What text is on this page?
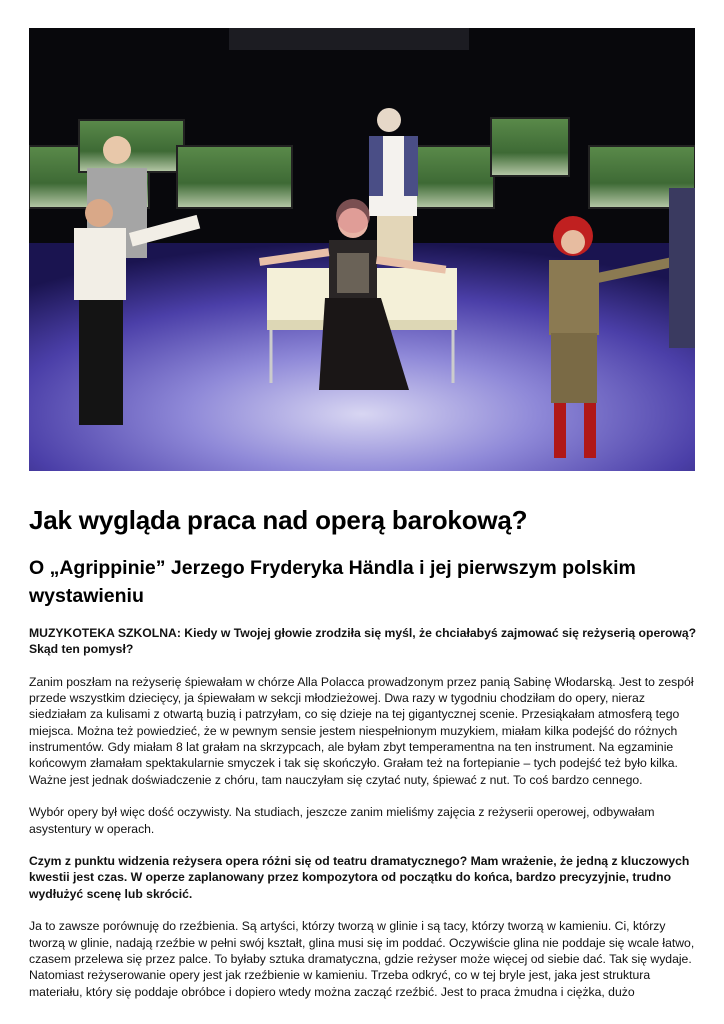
Jak wygląda praca nad operą barokową?
O „Agrippinie” Jerzego Fryderyka Händla i jej pierwszym polskim wystawieniu

MUZYKOTEKA SZKOLNA: Kiedy w Twojej głowie zrodziła się myśl, że chciałabyś zajmować się reżyserią operową? Skąd ten pomysł?

Zanim poszłam na reżyserię śpiewałam w chórze Alla Polacca prowadzonym przez panią Sabinę Włodarską. Jest to zespół przede wszystkim dziecięcy, ja śpiewałam w sekcji młodzieżowej. Dwa razy w tygodniu chodziłam do opery, nieraz siedziałam za kulisami z otwartą buzią i patrzyłam, co się dzieje na tej gigantycznej scenie. Przesiąkałam atmosferą tego miejsca. Można też powiedzieć, że w pewnym sensie jestem niespełnionym muzykiem, miałam kilka podejść do różnych instrumentów. Gdy miałam 8 lat grałam na skrzypcach, ale byłam zbyt temperamentna na ten instrument. Na egzaminie końcowym złamałam spektakularnie smyczek i tak się skończyło. Grałam też na fortepianie – tych podejść też było kilka. Ważne jest jednak doświadczenie z chóru, tam nauczyłam się czytać nuty, śpiewać z nut. To coś bardzo cennego.

Wybór opery był więc dość oczywisty. Na studiach, jeszcze zanim mieliśmy zajęcia z reżyserii operowej, odbywałam asystentury w operach.

Czym z punktu widzenia reżysera opera różni się od teatru dramatycznego? Mam wrażenie, że jedną z kluczowych kwestii jest czas. W operze zaplanowany przez kompozytora od początku do końca, bardzo precyzyjnie, trudno wydłużyć scenę lub skrócić.

Ja to zawsze porównuję do rzeźbienia. Są artyści, którzy tworzą w glinie i są tacy, którzy tworzą w kamieniu. Ci, którzy tworzą w glinie, nadają rzeźbie w pełni swój kształt, glina musi się im poddać. Oczywiście glina nie poddaje się wcale łatwo, czasem przelewa się przez palce. To byłaby sztuka dramatyczna, gdzie reżyser może więcej od siebie dać. Tak się wydaje. Natomiast reżyserowanie opery jest jak rzeźbienie w kamieniu. Trzeba odkryć, co w tej bryle jest, jaka jest struktura materiału, który się poddaje obróbce i dopiero wtedy można zacząć rzeźbić. Jest to praca żmudna i ciężka, dużo
